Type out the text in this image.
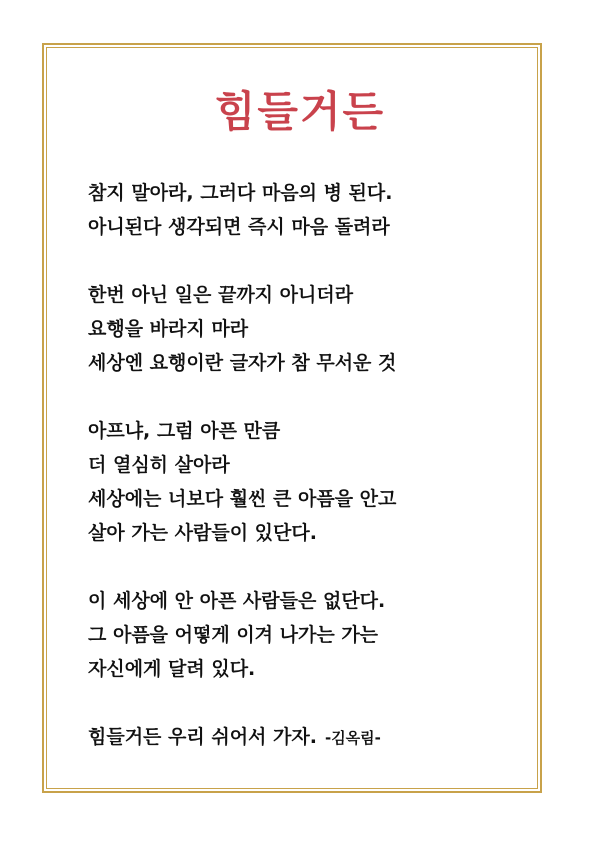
힘들거든
참지 말아라, 그러다 마음의 병 된다.
아니된다 생각되면 즉시 마음 돌려라
한번 아닌 일은 끝까지 아니더라
요행을 바라지 마라
세상엔 요행이란 글자가 참 무서운 것
아프냐, 그럼 아픈 만큼
더 열심히 살아라
세상에는 너보다 훨씬 큰 아픔을 안고
살아 가는 사람들이 있단다.
이 세상에 안 아픈 사람들은 없단다.
그 아픔을 어떻게 이겨 나가는 가는
자신에게 달려 있다.
힘들거든 우리 쉬어서 가자. -김옥림-
